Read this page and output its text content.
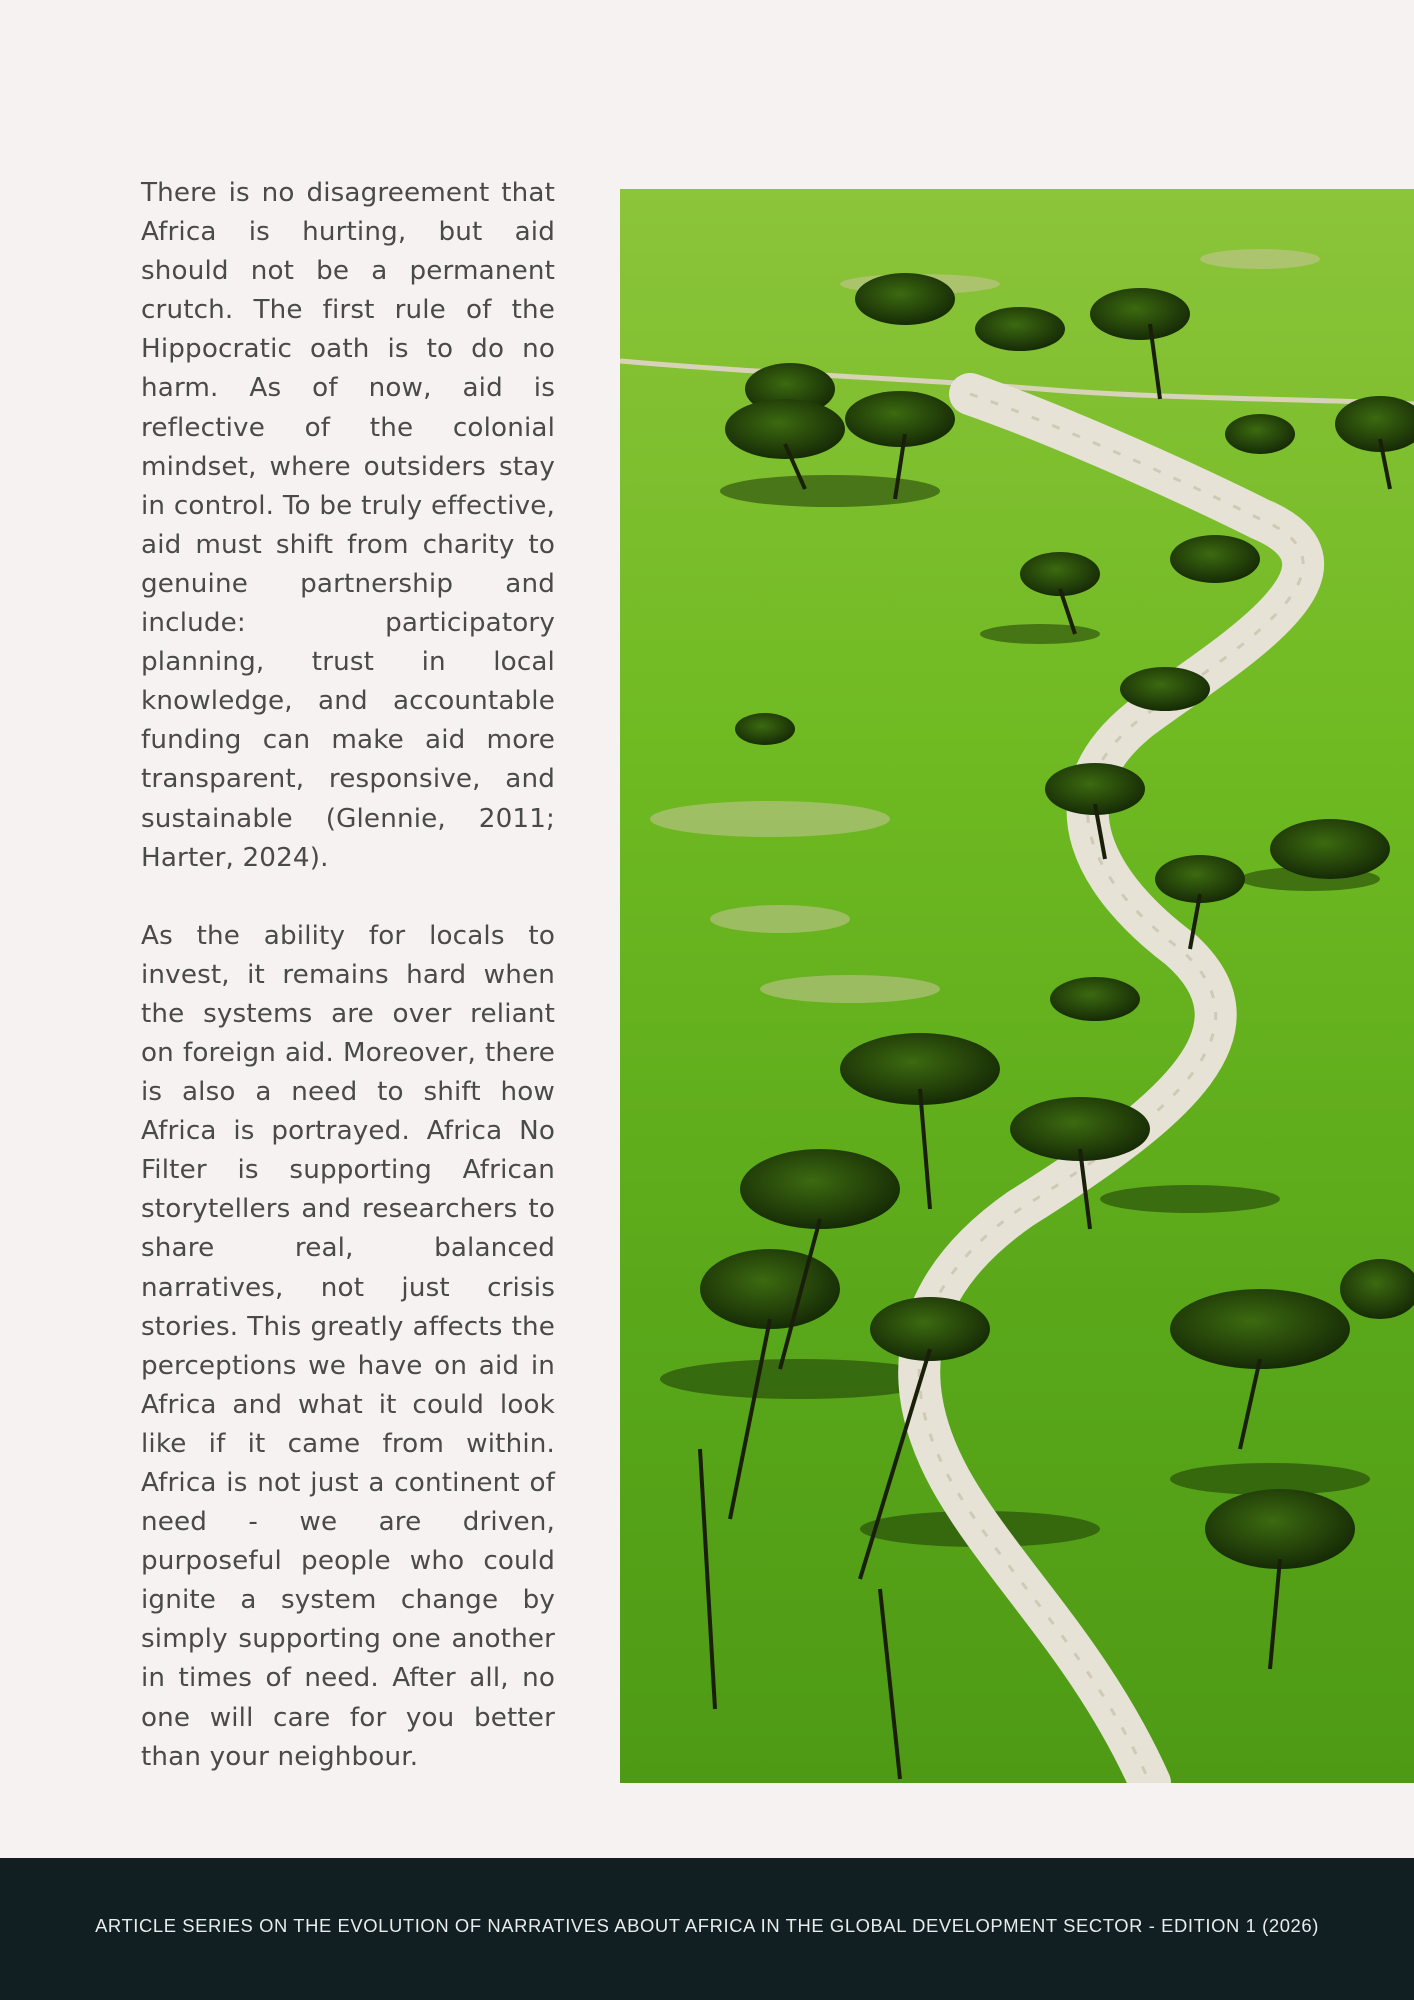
There is no disagreement that Africa is hurting, but aid should not be a permanent crutch. The first rule of the Hippocratic oath is to do no harm. As of now, aid is reflective of the colonial mindset, where outsiders stay in control. To be truly effective, aid must shift from charity to genuine partnership and include: participatory planning, trust in local knowledge, and accountable funding can make aid more transparent, responsive, and sustainable (Glennie, 2011; Harter, 2024).

As the ability for locals to invest, it remains hard when the systems are over reliant on foreign aid. Moreover, there is also a need to shift how Africa is portrayed. Africa No Filter is supporting African storytellers and researchers to share real, balanced narratives, not just crisis stories. This greatly affects the perceptions we have on aid in Africa and what it could look like if it came from within. Africa is not just a continent of need - we are driven, purposeful people who could ignite a system change by simply supporting one another in times of need. After all, no one will care for you better than your neighbour.

ARTICLE SERIES ON THE EVOLUTION OF NARRATIVES ABOUT AFRICA IN THE GLOBAL DEVELOPMENT SECTOR - EDITION 1 (2026)
